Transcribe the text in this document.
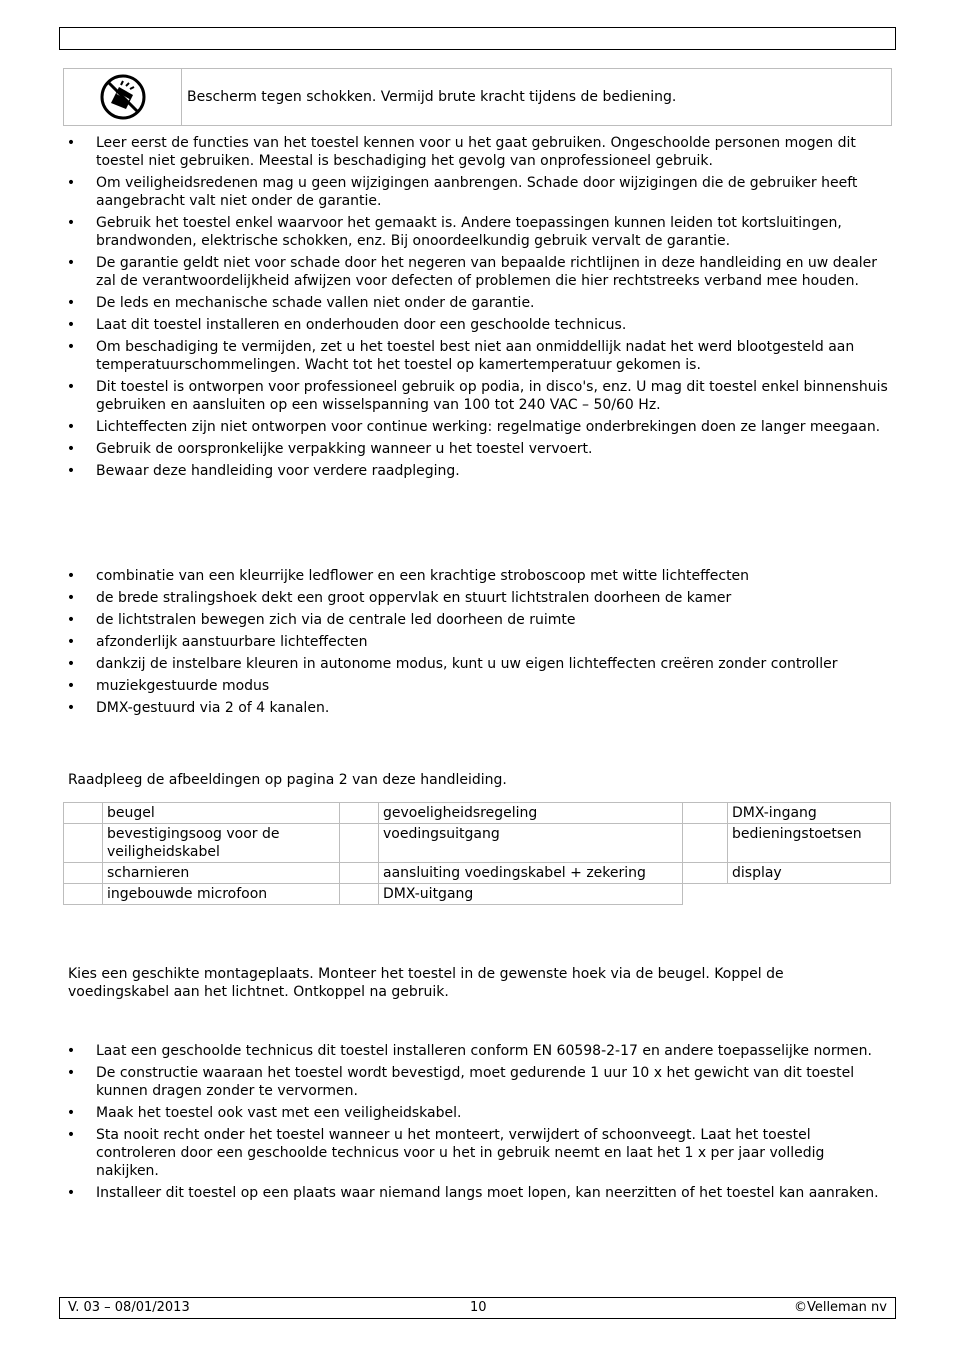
Bescherm tegen schokken. Vermijd brute kracht tijdens de bediening.
• Leer eerst de functies van het toestel kennen voor u het gaat gebruiken. Ongeschoolde personen mogen dit toestel niet gebruiken. Meestal is beschadiging het gevolg van onprofessioneel gebruik.
• Om veiligheidsredenen mag u geen wijzigingen aanbrengen. Schade door wijzigingen die de gebruiker heeft aangebracht valt niet onder de garantie.
• Gebruik het toestel enkel waarvoor het gemaakt is. Andere toepassingen kunnen leiden tot kortsluitingen, brandwonden, elektrische schokken, enz. Bij onoordeelkundig gebruik vervalt de garantie.
• De garantie geldt niet voor schade door het negeren van bepaalde richtlijnen in deze handleiding en uw dealer zal de verantwoordelijkheid afwijzen voor defecten of problemen die hier rechtstreeks verband mee houden.
• De leds en mechanische schade vallen niet onder de garantie.
• Laat dit toestel installeren en onderhouden door een geschoolde technicus.
• Om beschadiging te vermijden, zet u het toestel best niet aan onmiddellijk nadat het werd blootgesteld aan temperatuurschommelingen. Wacht tot het toestel op kamertemperatuur gekomen is.
• Dit toestel is ontworpen voor professioneel gebruik op podia, in disco's, enz. U mag dit toestel enkel binnenshuis gebruiken en aansluiten op een wisselspanning van 100 tot 240 VAC – 50/60 Hz.
• Lichteffecten zijn niet ontworpen voor continue werking: regelmatige onderbrekingen doen ze langer meegaan.
• Gebruik de oorspronkelijke verpakking wanneer u het toestel vervoert.
• Bewaar deze handleiding voor verdere raadpleging.
• combinatie van een kleurrijke ledflower en een krachtige stroboscoop met witte lichteffecten
• de brede stralingshoek dekt een groot oppervlak en stuurt lichtstralen doorheen de kamer
• de lichtstralen bewegen zich via de centrale led doorheen de ruimte
• afzonderlijk aanstuurbare lichteffecten
• dankzij de instelbare kleuren in autonome modus, kunt u uw eigen lichteffecten creëren zonder controller
• muziekgestuurde modus
• DMX-gestuurd via 2 of 4 kanalen.
Raadpleeg de afbeeldingen op pagina 2 van deze handleiding.
	beugel		gevoeligheidsregeling		DMX-ingang
	bevestigingsoog voor de veiligheidskabel		voedingsuitgang		bedieningstoetsen
	scharnieren		aansluiting voedingskabel + zekering		display
	ingebouwde microfoon		DMX-uitgang		
Kies een geschikte montageplaats. Monteer het toestel in de gewenste hoek via de beugel. Koppel de voedingskabel aan het lichtnet. Ontkoppel na gebruik.
• Laat een geschoolde technicus dit toestel installeren conform EN 60598-2-17 en andere toepasselijke normen.
• De constructie waaraan het toestel wordt bevestigd, moet gedurende 1 uur 10 x het gewicht van dit toestel kunnen dragen zonder te vervormen.
• Maak het toestel ook vast met een veiligheidskabel.
• Sta nooit recht onder het toestel wanneer u het monteert, verwijdert of schoonveegt. Laat het toestel controleren door een geschoolde technicus voor u het in gebruik neemt en laat het 1 x per jaar volledig nakijken.
• Installeer dit toestel op een plaats waar niemand langs moet lopen, kan neerzitten of het toestel kan aanraken.
V. 03 – 08/01/2013	10	©Velleman nv
